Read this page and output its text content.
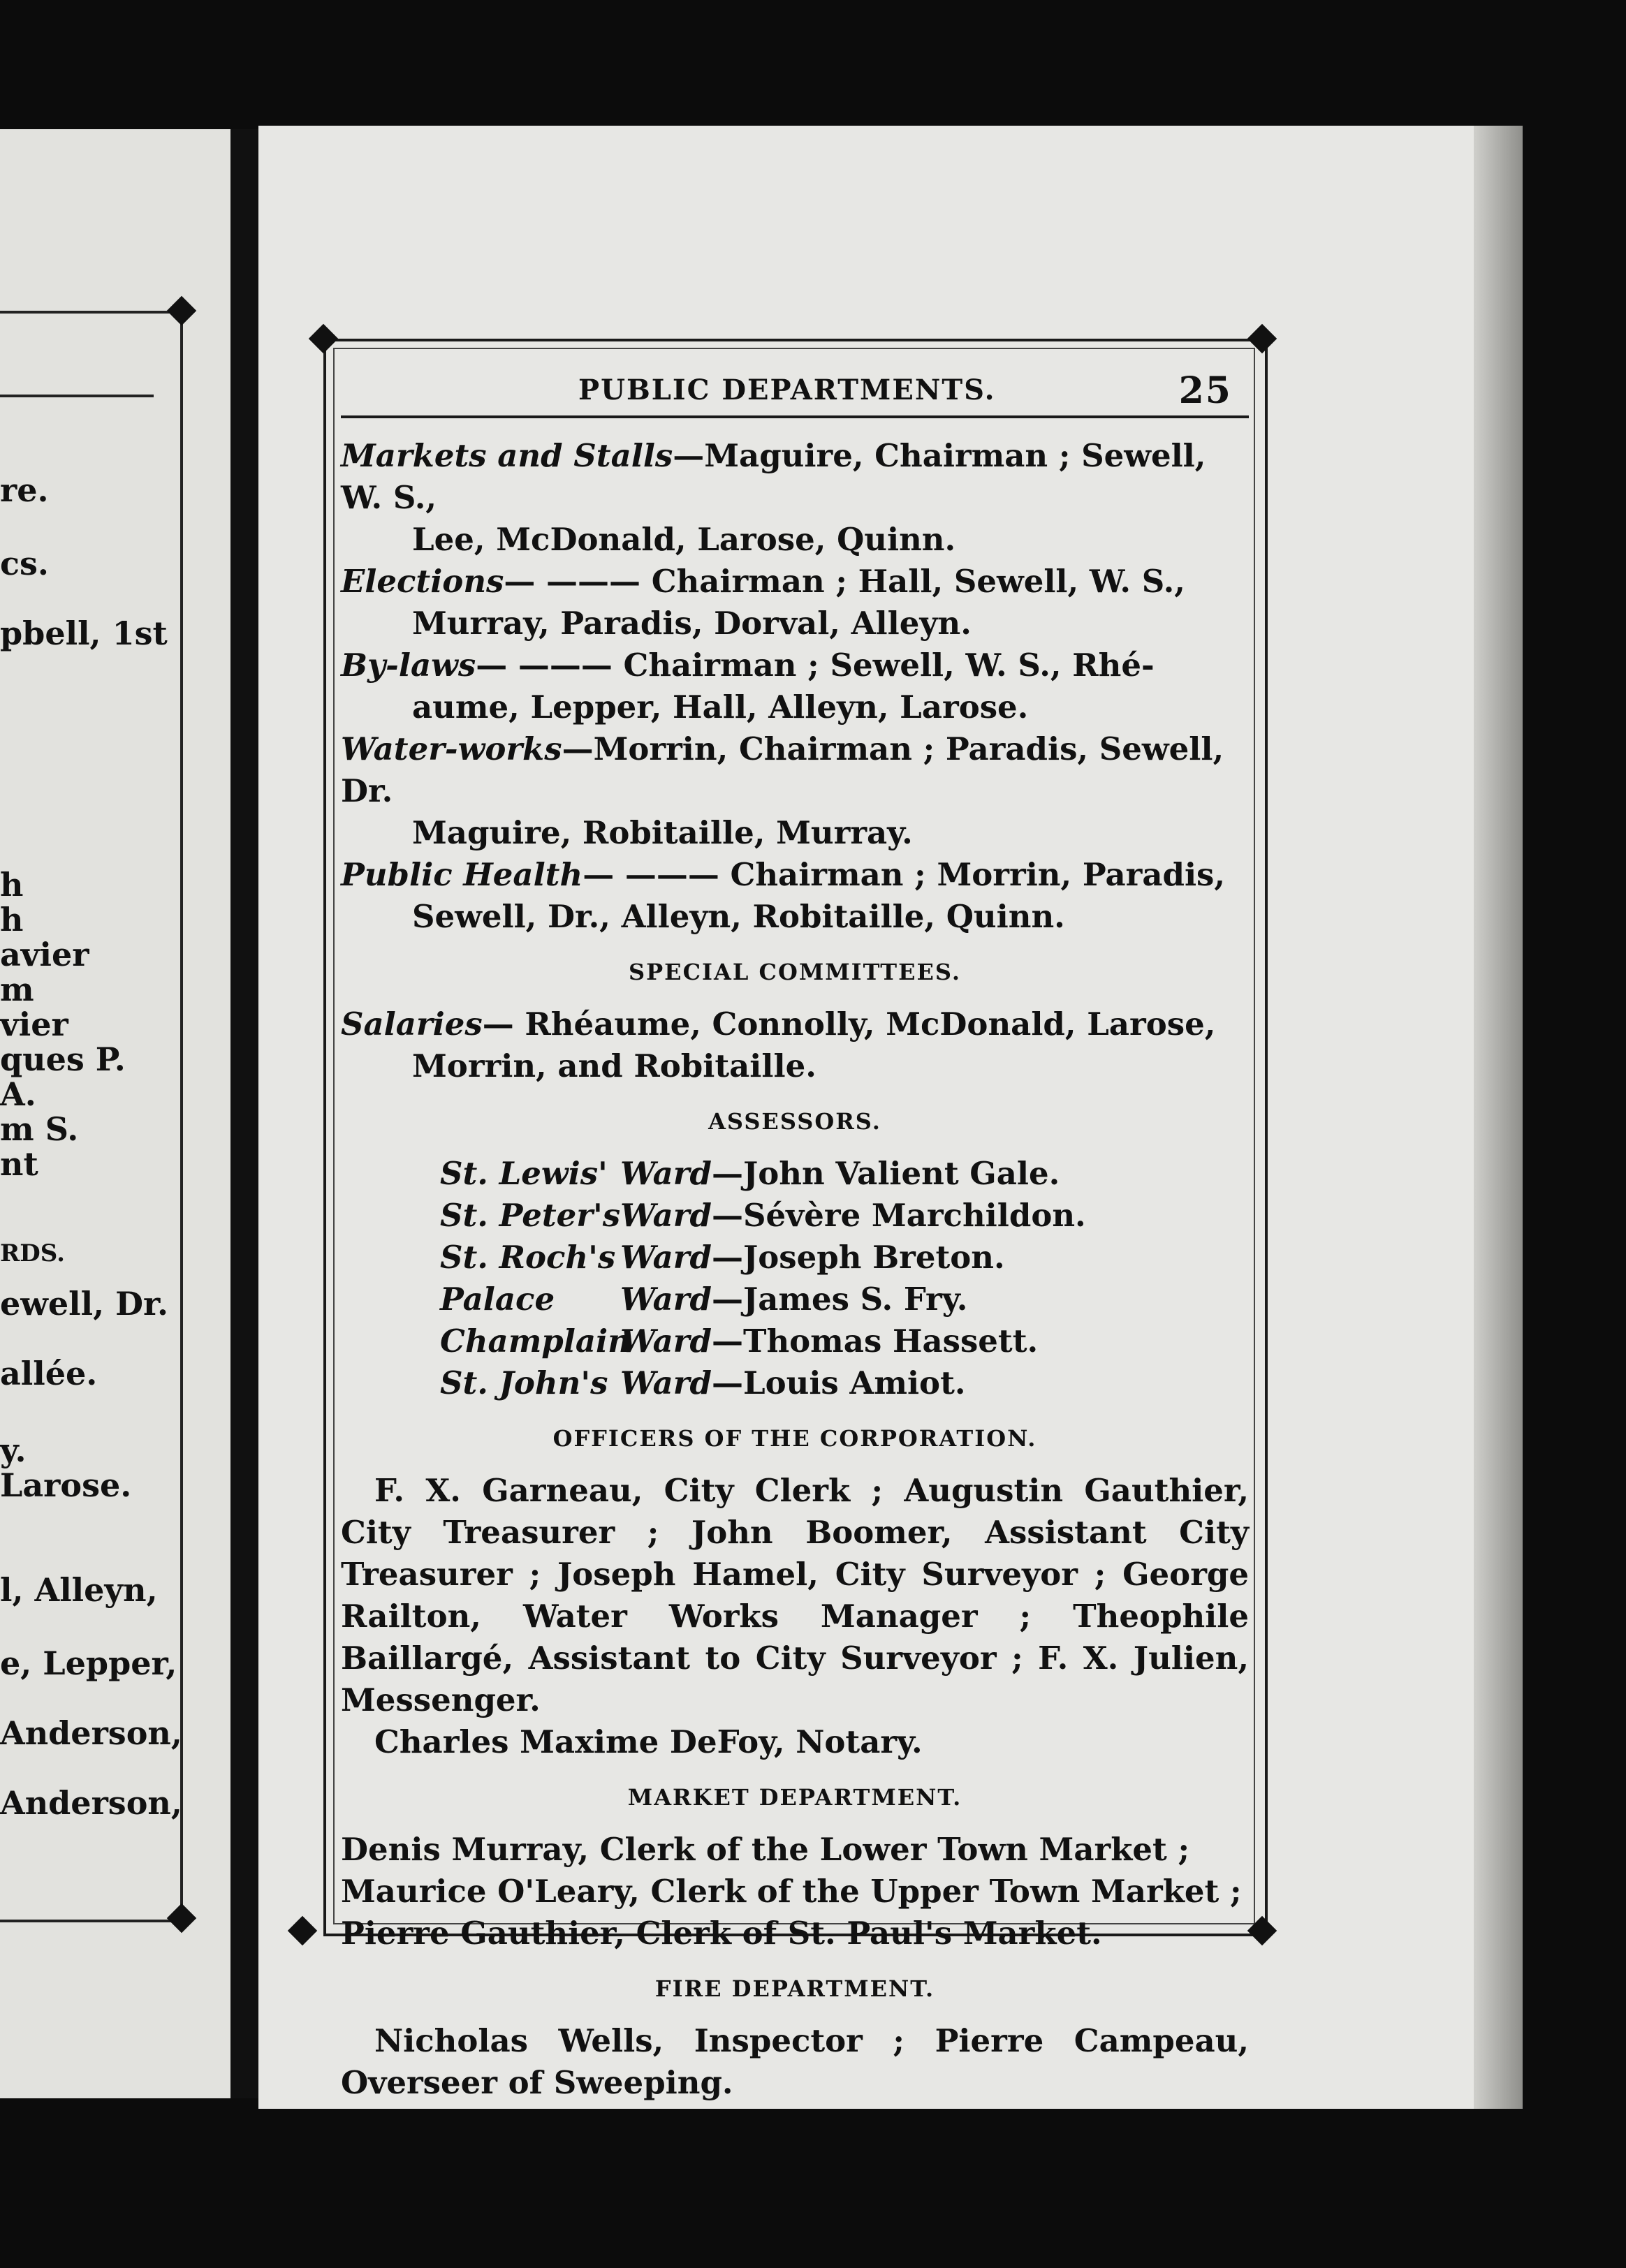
re.
cs.
pbell, 1st
h
h
avier
m
vier
ques P.
A.
m S.
nt
RDS.
ewell, Dr.
allée.
y.
Larose.
l, Alleyn,
e, Lepper,
Anderson,
Anderson,
PUBLIC DEPARTMENTS.	25
Markets and Stalls—Maguire, Chairman ; Sewell, W. S.,
Lee, McDonald, Larose, Quinn.
Elections— ——— Chairman ; Hall, Sewell, W. S.,
Murray, Paradis, Dorval, Alleyn.
By-laws— ——— Chairman ; Sewell, W. S., Rhé-
aume, Lepper, Hall, Alleyn, Larose.
Water-works—Morrin, Chairman ; Paradis, Sewell, Dr.
Maguire, Robitaille, Murray.
Public Health— ——— Chairman ; Morrin, Paradis,
Sewell, Dr., Alleyn, Robitaille, Quinn.
SPECIAL COMMITTEES.
Salaries— Rhéaume, Connolly, McDonald, Larose,
Morrin, and Robitaille.
ASSESSORS.
St. Lewis' Ward—John Valient Gale.
St. Peter'sWard—Sévère Marchildon.
St. Roch's Ward—Joseph Breton.
Palace Ward—James S. Fry.
ChamplainWard—Thomas Hassett.
St. John's Ward—Louis Amiot.
OFFICERS OF THE CORPORATION.
F. X. Garneau, City Clerk ; Augustin Gauthier, City Treasurer ; John Boomer, Assistant City Treasurer ; Joseph Hamel, City Surveyor ; George Railton, Water Works Manager ; Theophile Baillargé, Assistant to City Surveyor ; F. X. Julien, Messenger.
Charles Maxime DeFoy, Notary.
MARKET DEPARTMENT.
Denis Murray, Clerk of the Lower Town Market ;
Maurice O'Leary, Clerk of the Upper Town Market ;
Pierre Gauthier, Clerk of St. Paul's Market.
FIRE DEPARTMENT.
Nicholas Wells, Inspector ; Pierre Campeau, Overseer of Sweeping.
